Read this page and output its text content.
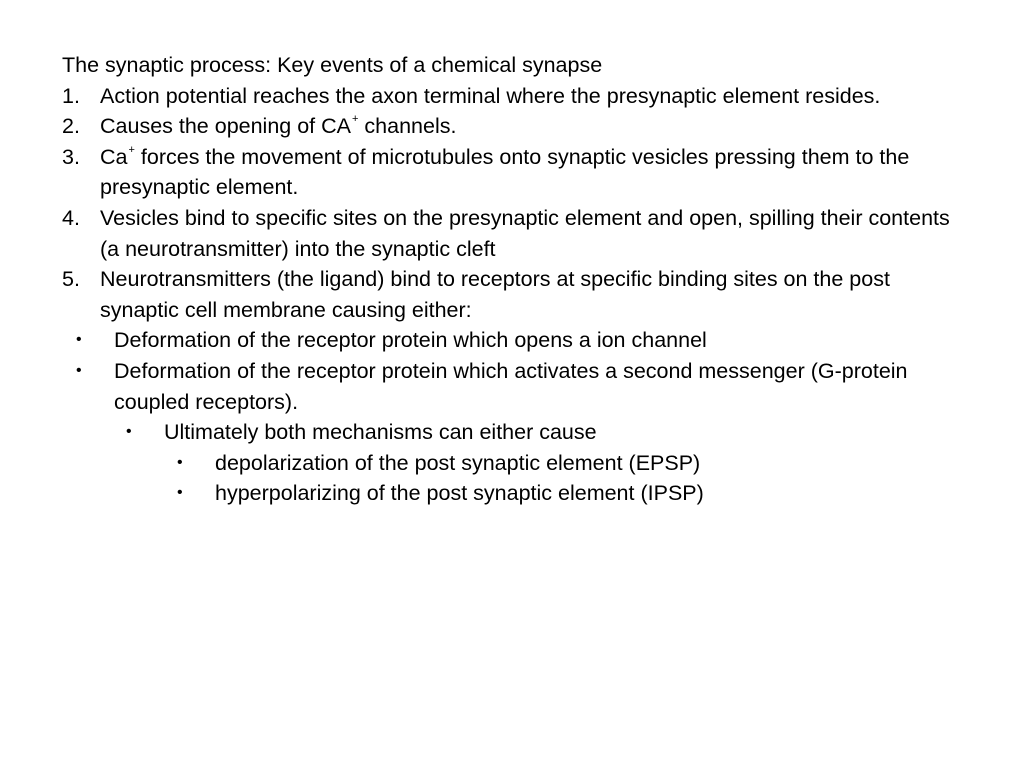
The synaptic process: Key events of a chemical synapse

1. Action potential reaches the axon terminal where the presynaptic element resides.
2. Causes the opening of CA+ channels.
3. Ca+ forces the movement of microtubules onto synaptic vesicles pressing them to the presynaptic element.
4. Vesicles bind to specific sites on the presynaptic element and open, spilling their contents (a neurotransmitter) into the synaptic cleft
5. Neurotransmitters (the ligand) bind to receptors at specific binding sites on the post synaptic cell membrane causing either:
• Deformation of the receptor protein which opens a ion channel
• Deformation of the receptor protein which activates a second messenger (G-protein coupled receptors).
• Ultimately both mechanisms can either cause
• depolarization of the post synaptic element (EPSP)
• hyperpolarizing of the post synaptic element (IPSP)
